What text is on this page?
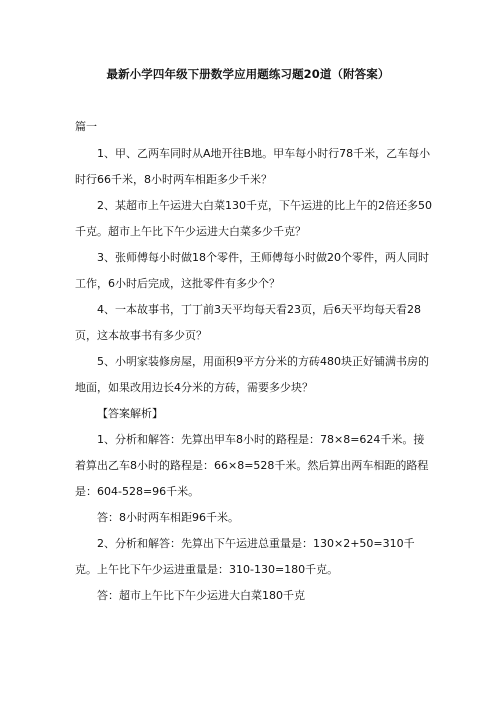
最新小学四年级下册数学应用题练习题20道（附答案）
篇一
1、甲、乙两车同时从A地开往B地。甲车每小时行78千米，乙车每小时行66千米，8小时两车相距多少千米？
2、某超市上午运进大白菜130千克，下午运进的比上午的2倍还多50千克。超市上午比下午少运进大白菜多少千克？
3、张师傅每小时做18个零件，王师傅每小时做20个零件，两人同时工作，6小时后完成，这批零件有多少个？
4、一本故事书，丁丁前3天平均每天看23页，后6天平均每天看28页，这本故事书有多少页？
5、小明家装修房屋，用面积9平方分米的方砖480块正好铺满书房的地面，如果改用边长4分米的方砖，需要多少块？
【答案解析】
1、分析和解答：先算出甲车8小时的路程是：78×8=624千米。接着算出乙车8小时的路程是：66×8=528千米。然后算出两车相距的路程是：604-528=96千米。
答：8小时两车相距96千米。
2、分析和解答：先算出下午运进总重量是：130×2+50=310千克。上午比下午少运进重量是：310-130=180千克。
答：超市上午比下午少运进大白菜180千克
